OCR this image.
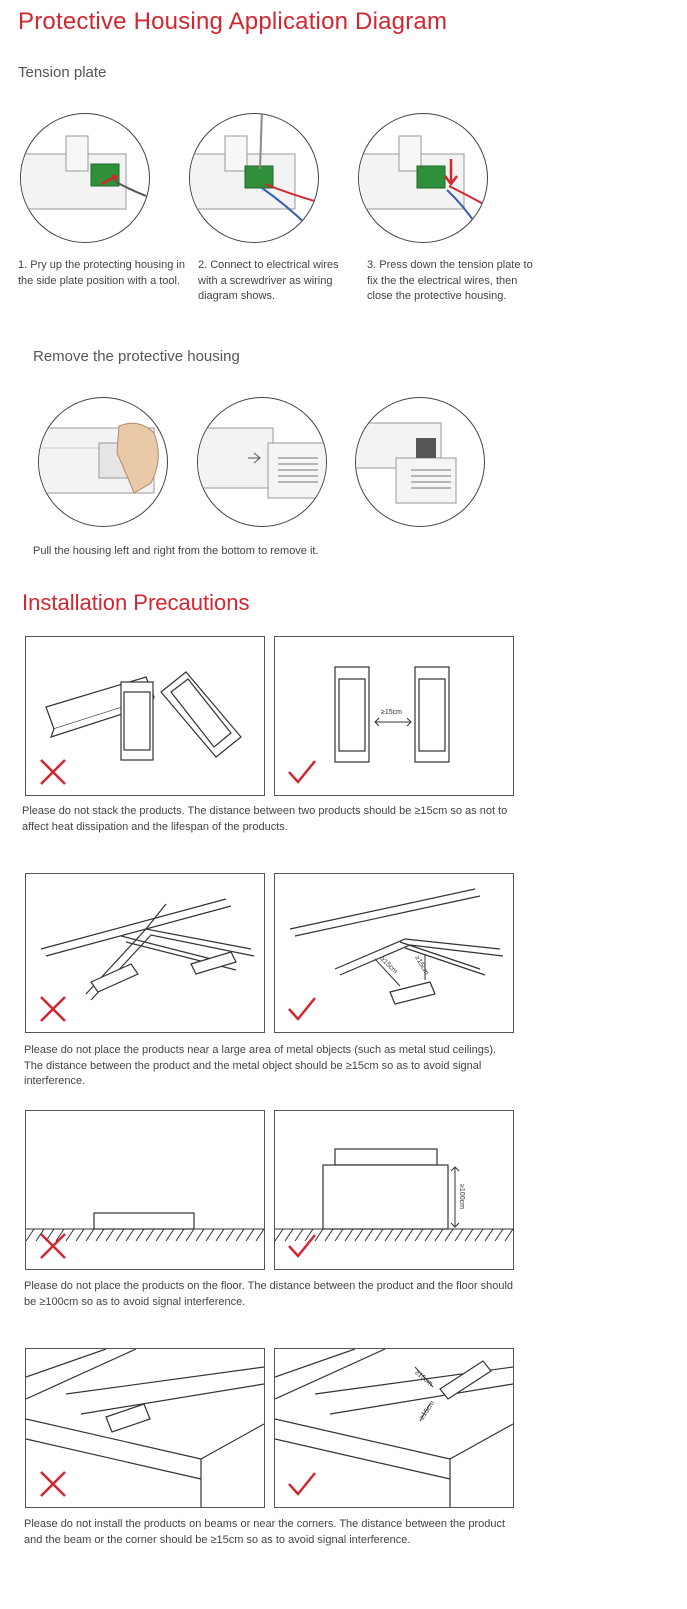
Protective Housing Application Diagram

Tension plate

1. Pry up the protecting housing in the side plate position with a tool.

2. Connect to electrical wires with a screwdriver as wiring diagram shows.

3. Press down the tension plate to fix the the electrical wires, then close the protective housing.

Remove the protective housing

Pull the housing left and right from the bottom to remove it.

Installation Precautions
≥15cm

Please do not stack the products. The distance between two products should be ≥15cm so as not to affect heat dissipation and the lifespan of the products.

≥15cm ≥15cm

Please do not place the products near a large area of metal objects (such as metal stud ceilings). The distance between the product and the metal object should be ≥15cm so as to avoid signal interference.

≥100cm

Please do not place the products on the floor. The distance between the product and the floor should be ≥100cm so as to avoid signal interference.

≥15cm
≥15cm

Please do not install the products on beams or near the corners. The distance between the product and the beam or the corner should be ≥15cm so as to avoid signal interference.
